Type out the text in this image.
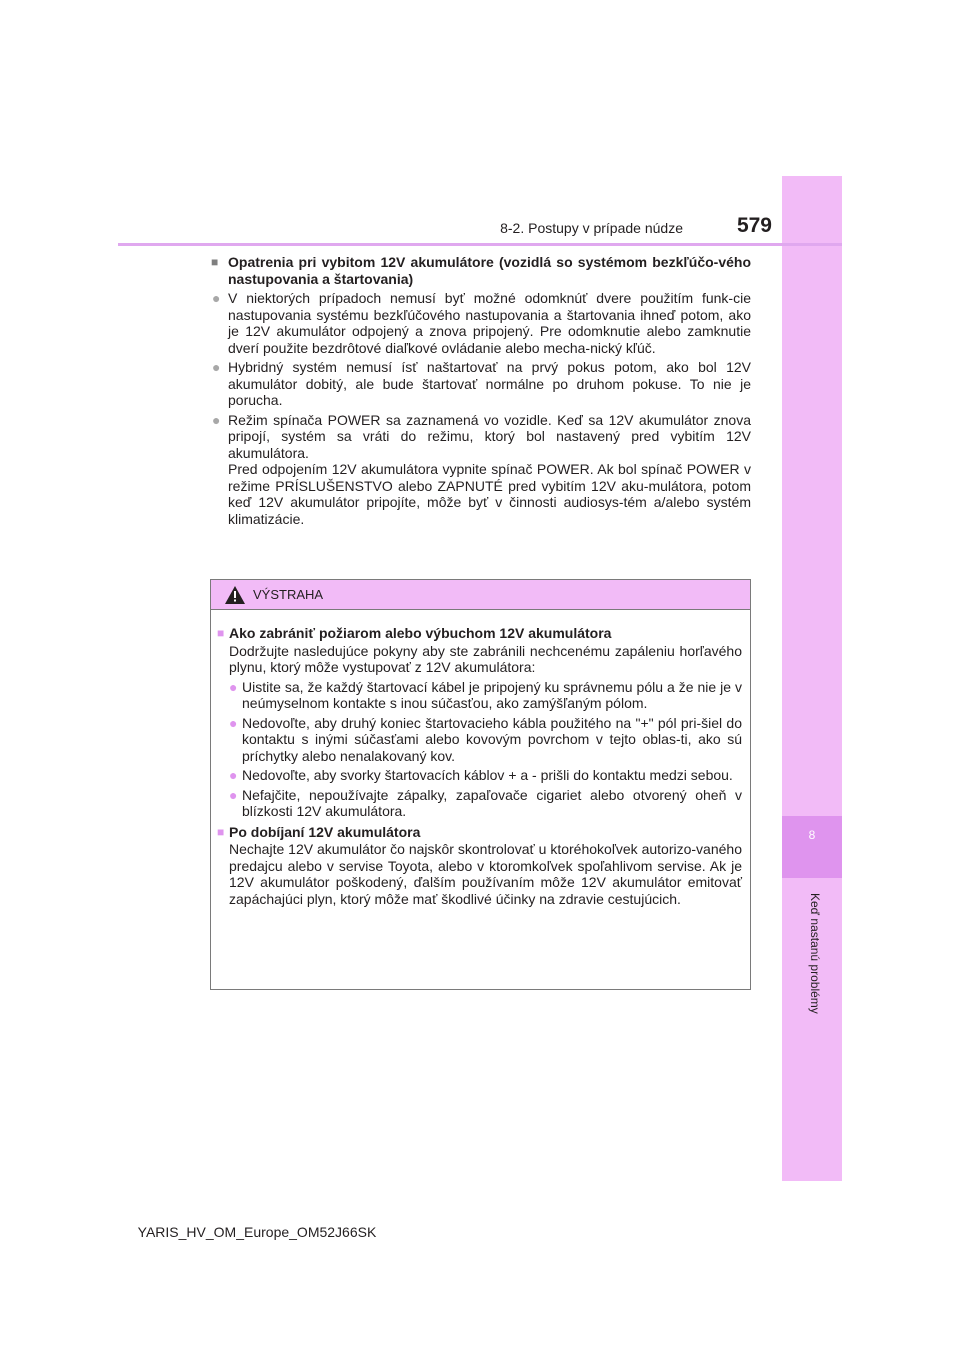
8
Keď nastanú problémy
8-2. Postupy v prípade núdze	579
■ Opatrenia pri vybitom 12V akumulátore (vozidlá so systémom bezkľúčo-vého nastupovania a štartovania)
● V niektorých prípadoch nemusí byť možné odomknúť dvere použitím funk-cie nastupovania systému bezkľúčového nastupovania a štartovania ihneď potom, ako je 12V akumulátor odpojený a znova pripojený. Pre odomknutie alebo zamknutie dverí použite bezdrôtové diaľkové ovládanie alebo mecha-nický kľúč.

● Hybridný systém nemusí ísť naštartovať na prvý pokus potom, ako bol 12V akumulátor dobitý, ale bude štartovať normálne po druhom pokuse. To nie je porucha.

● Režim spínača POWER sa zaznamená vo vozidle. Keď sa 12V akumulátor znova pripojí, systém sa vráti do režimu, ktorý bol nastavený pred vybitím 12V akumulátora.

Pred odpojením 12V akumulátora vypnite spínač POWER. Ak bol spínač POWER v režime PRÍSLUŠENSTVO alebo ZAPNUTÉ pred vybitím 12V aku-mulátora, potom keď 12V akumulátor pripojíte, môže byť v činnosti audiosys-tém a/alebo systém klimatizácie.

VÝSTRAHA
■ Ako zabrániť požiarom alebo výbuchom 12V akumulátora
Dodržujte nasledujúce pokyny aby ste zabránili nechcenému zapáleniu horľavého plynu, ktorý môže vystupovať z 12V akumulátora:
● Uistite sa, že každý štartovací kábel je pripojený ku správnemu pólu a že nie je v neúmyselnom kontakte s inou súčasťou, ako zamýšľaným pólom.

● Nedovoľte, aby druhý koniec štartovacieho kábla použitého na "+" pól pri-šiel do kontaktu s inými súčasťami alebo kovovým povrchom v tejto oblas-ti, ako sú príchytky alebo nenalakovaný kov.

● Nedovoľte, aby svorky štartovacích káblov + a - prišli do kontaktu medzi sebou.

● Nefajčite, nepoužívajte zápalky, zapaľovače cigariet alebo otvorený oheň v blízkosti 12V akumulátora.

■ Po dobíjaní 12V akumulátora
Nechajte 12V akumulátor čo najskôr skontrolovať u ktoréhokoľvek autorizo-vaného predajcu alebo v servise Toyota, alebo v ktoromkoľvek spoľahlivom servise. Ak je 12V akumulátor poškodený, ďalším používaním môže 12V akumulátor emitovať zapáchajúci plyn, ktorý môže mať škodlivé účinky na zdravie cestujúcich.
YARIS_HV_OM_Europe_OM52J66SK
